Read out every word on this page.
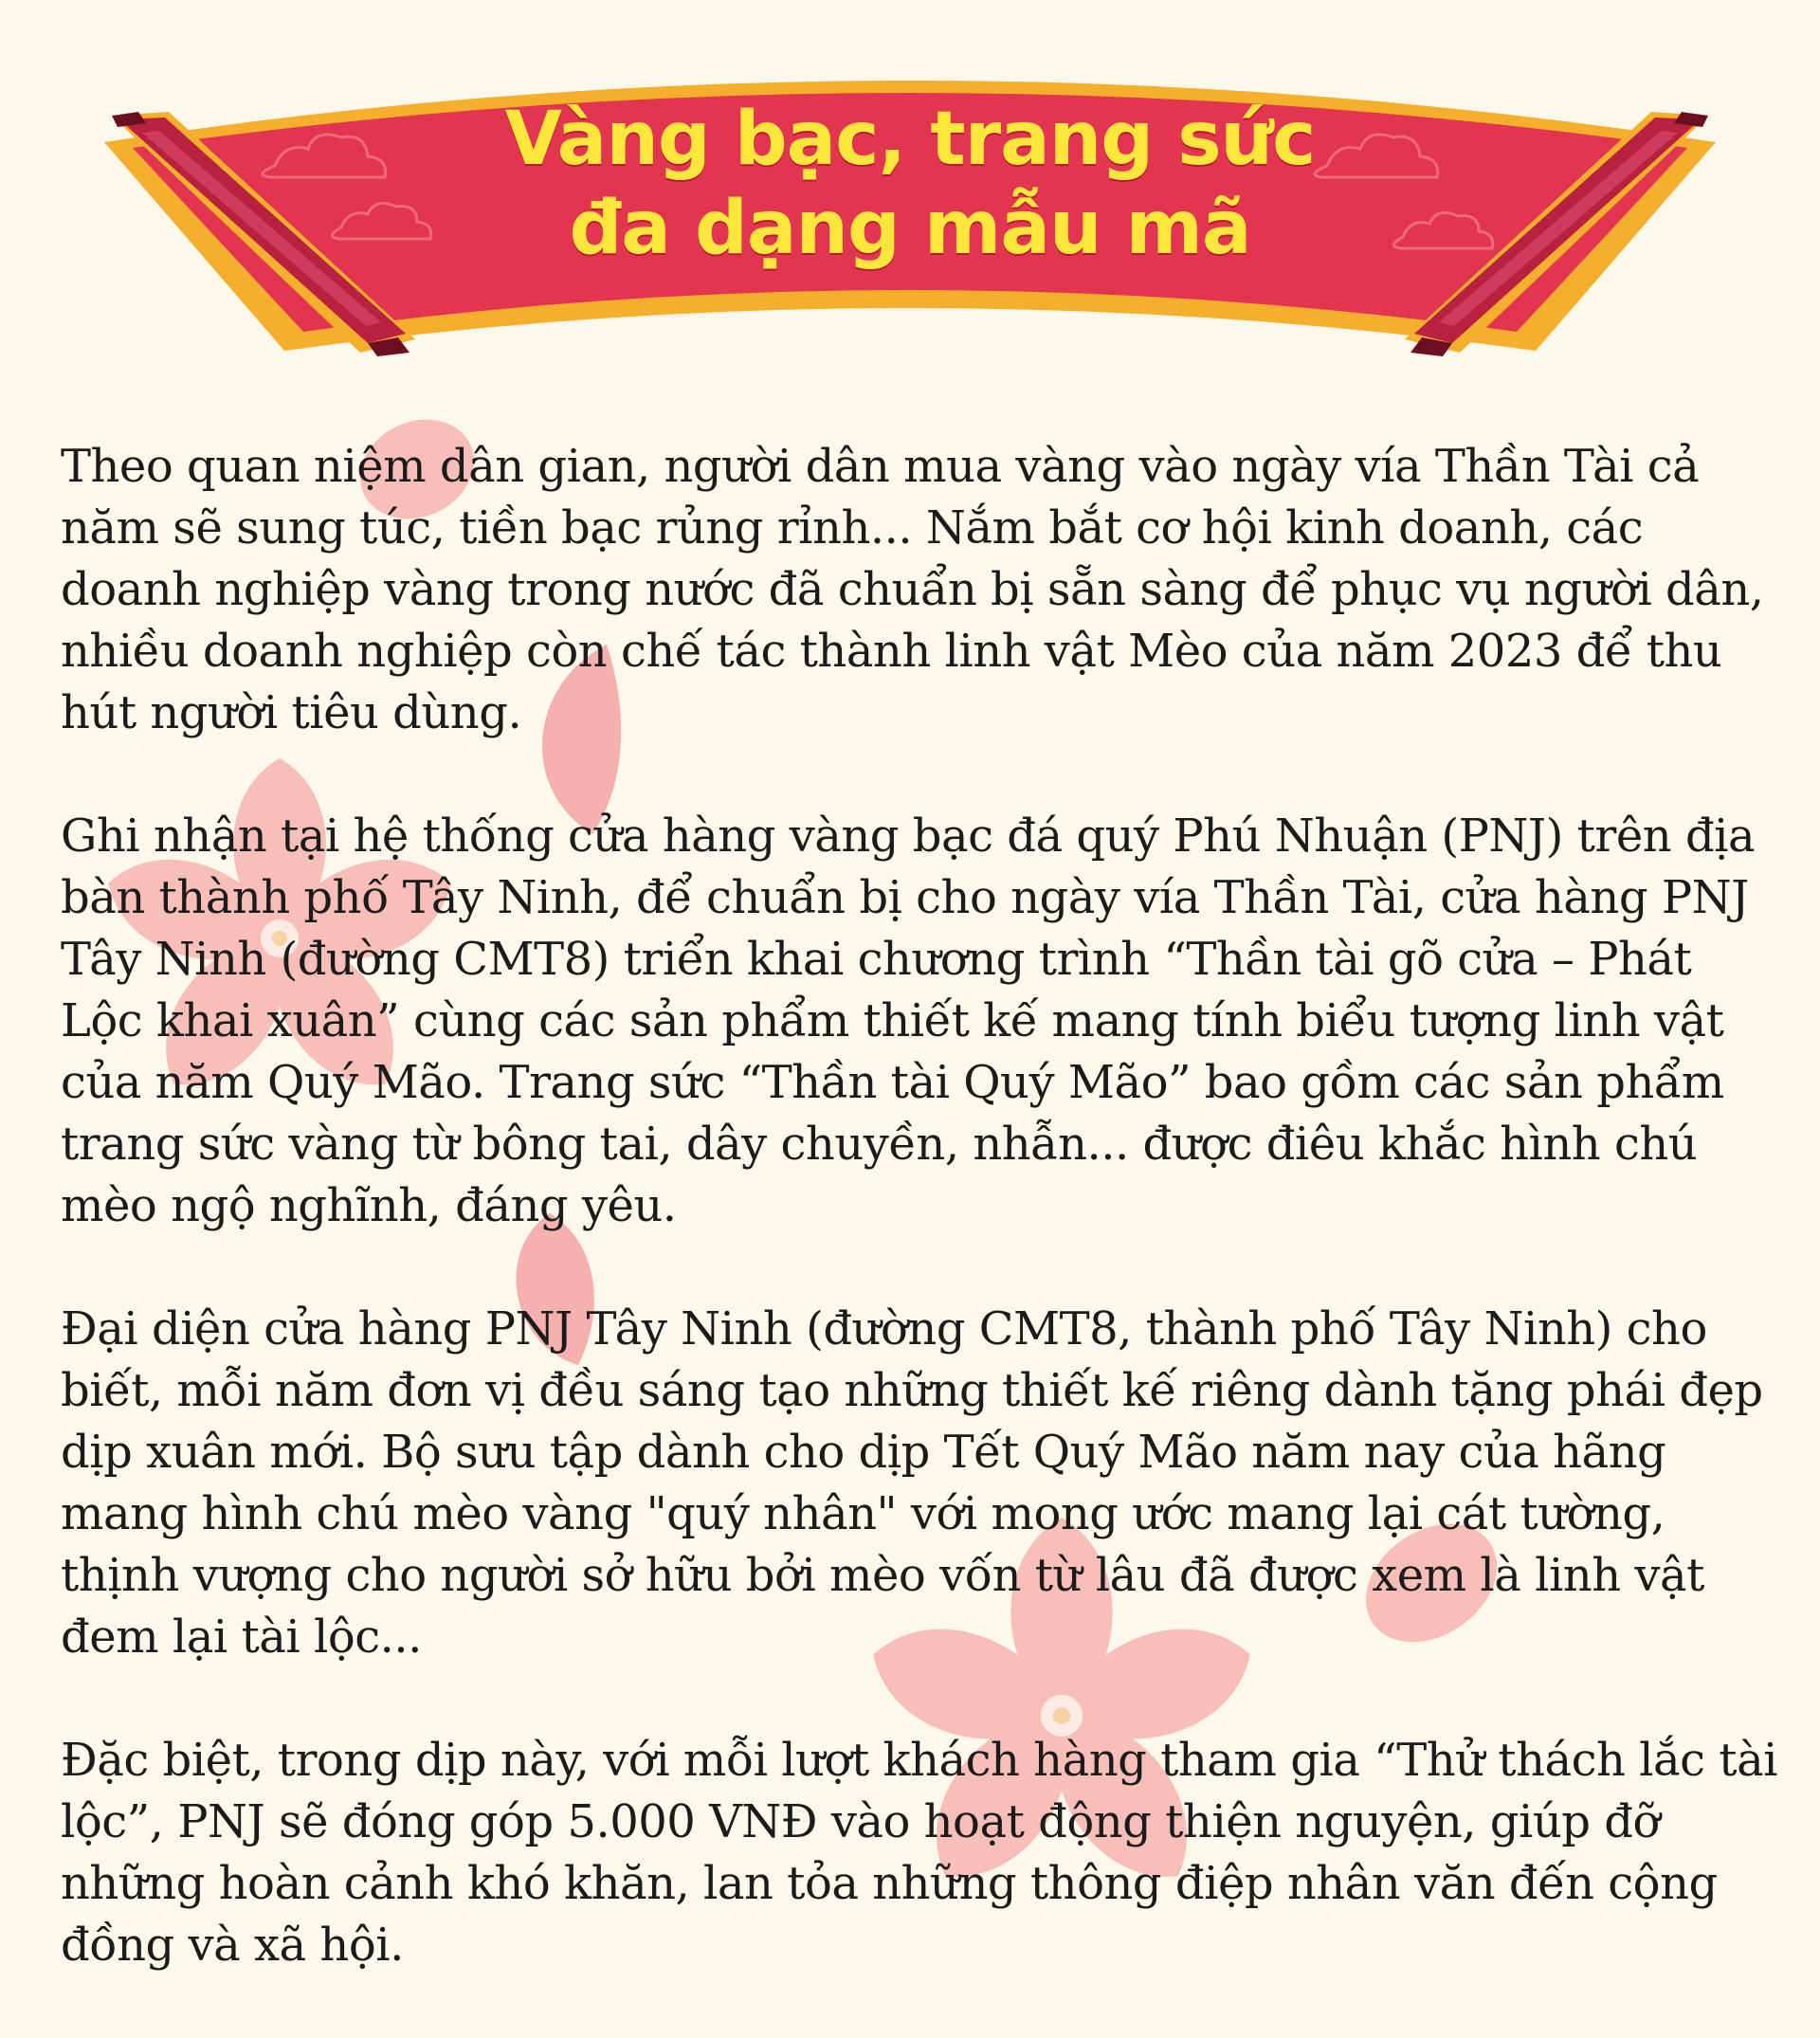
Vàng bạc, trang sức
đa dạng mẫu mã

Theo quan niệm dân gian, người dân mua vàng vào ngày vía Thần Tài cả năm sẽ sung túc, tiền bạc rủng rỉnh... Nắm bắt cơ hội kinh doanh, các doanh nghiệp vàng trong nước đã chuẩn bị sẵn sàng để phục vụ người dân, nhiều doanh nghiệp còn chế tác thành linh vật Mèo của năm 2023 để thu hút người tiêu dùng.

Ghi nhận tại hệ thống cửa hàng vàng bạc đá quý Phú Nhuận (PNJ) trên địa bàn thành phố Tây Ninh, để chuẩn bị cho ngày vía Thần Tài, cửa hàng PNJ Tây Ninh (đường CMT8) triển khai chương trình “Thần tài gõ cửa – Phát Lộc khai xuân” cùng các sản phẩm thiết kế mang tính biểu tượng linh vật của năm Quý Mão. Trang sức “Thần tài Quý Mão” bao gồm các sản phẩm trang sức vàng từ bông tai, dây chuyền, nhẫn... được điêu khắc hình chú mèo ngộ nghĩnh, đáng yêu.

Đại diện cửa hàng PNJ Tây Ninh (đường CMT8, thành phố Tây Ninh) cho biết, mỗi năm đơn vị đều sáng tạo những thiết kế riêng dành tặng phái đẹp dịp xuân mới. Bộ sưu tập dành cho dịp Tết Quý Mão năm nay của hãng mang hình chú mèo vàng "quý nhân" với mong ước mang lại cát tường, thịnh vượng cho người sở hữu bởi mèo vốn từ lâu đã được xem là linh vật đem lại tài lộc...

Đặc biệt, trong dịp này, với mỗi lượt khách hàng tham gia “Thử thách lắc tài lộc”, PNJ sẽ đóng góp 5.000 VNĐ vào hoạt động thiện nguyện, giúp đỡ những hoàn cảnh khó khăn, lan tỏa những thông điệp nhân văn đến cộng đồng và xã hội.
